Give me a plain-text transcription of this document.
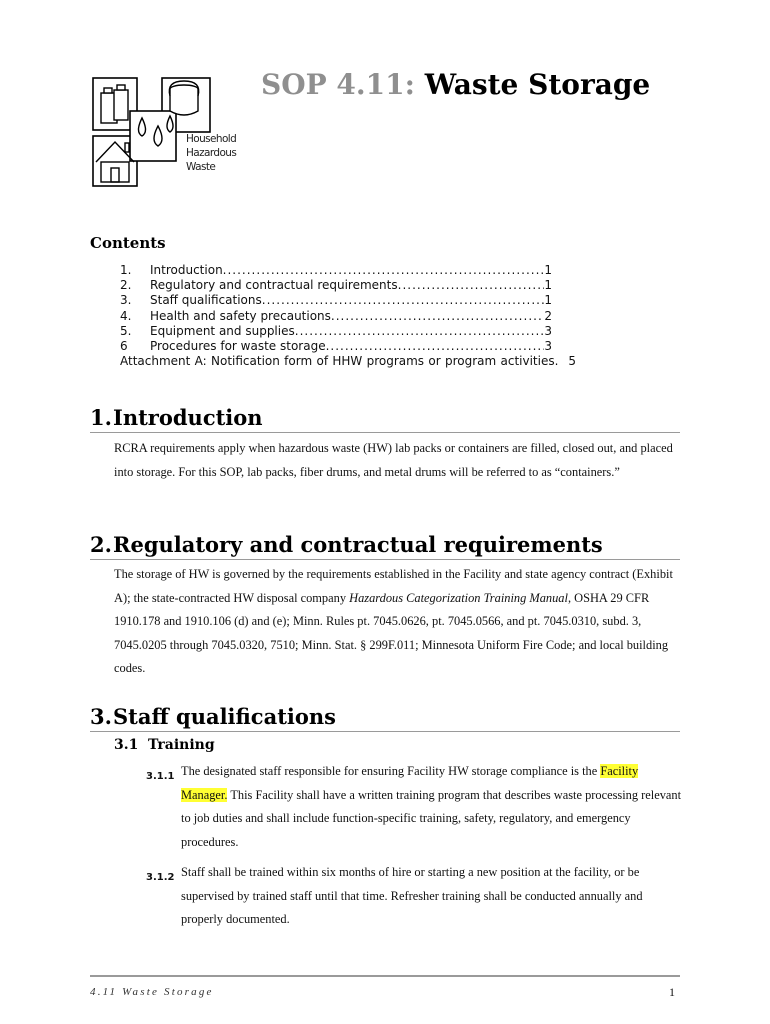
Household
Hazardous
Waste
SOP 4.11: Waste Storage
Contents
1.	Introduction .....	1
2.	Regulatory and contractual requirements .....	1
3.	Staff qualifications .....	1
4.	Health and safety precautions .....	2
5.	Equipment and supplies .....	3
6	Procedures for waste storage .....	3
Attachment A: Notification form of HHW programs or program activities. 5
1.Introduction
RCRA requirements apply when hazardous waste (HW) lab packs or containers are filled, closed out, and placed into storage. For this SOP, lab packs, fiber drums, and metal drums will be referred to as “containers.”
2.Regulatory and contractual requirements
The storage of HW is governed by the requirements established in the Facility and state agency contract (Exhibit A); the state-contracted HW disposal company Hazardous Categorization Training Manual, OSHA 29 CFR 1910.178 and 1910.106 (d) and (e); Minn. Rules pt. 7045.0626, pt. 7045.0566, and pt. 7045.0310, subd. 3, 7045.0205 through 7045.0320, 7510; Minn. Stat. § 299F.011; Minnesota Uniform Fire Code; and local building codes.
3.Staff qualifications
3.1 Training
3.1.1 The designated staff responsible for ensuring Facility HW storage compliance is the Facility Manager. This Facility shall have a written training program that describes waste processing relevant to job duties and shall include function-specific training, safety, regulatory, and emergency procedures.
3.1.2 Staff shall be trained within six months of hire or starting a new position at the facility, or be supervised by trained staff until that time. Refresher training shall be conducted annually and properly documented.
4.11 Waste Storage	1
